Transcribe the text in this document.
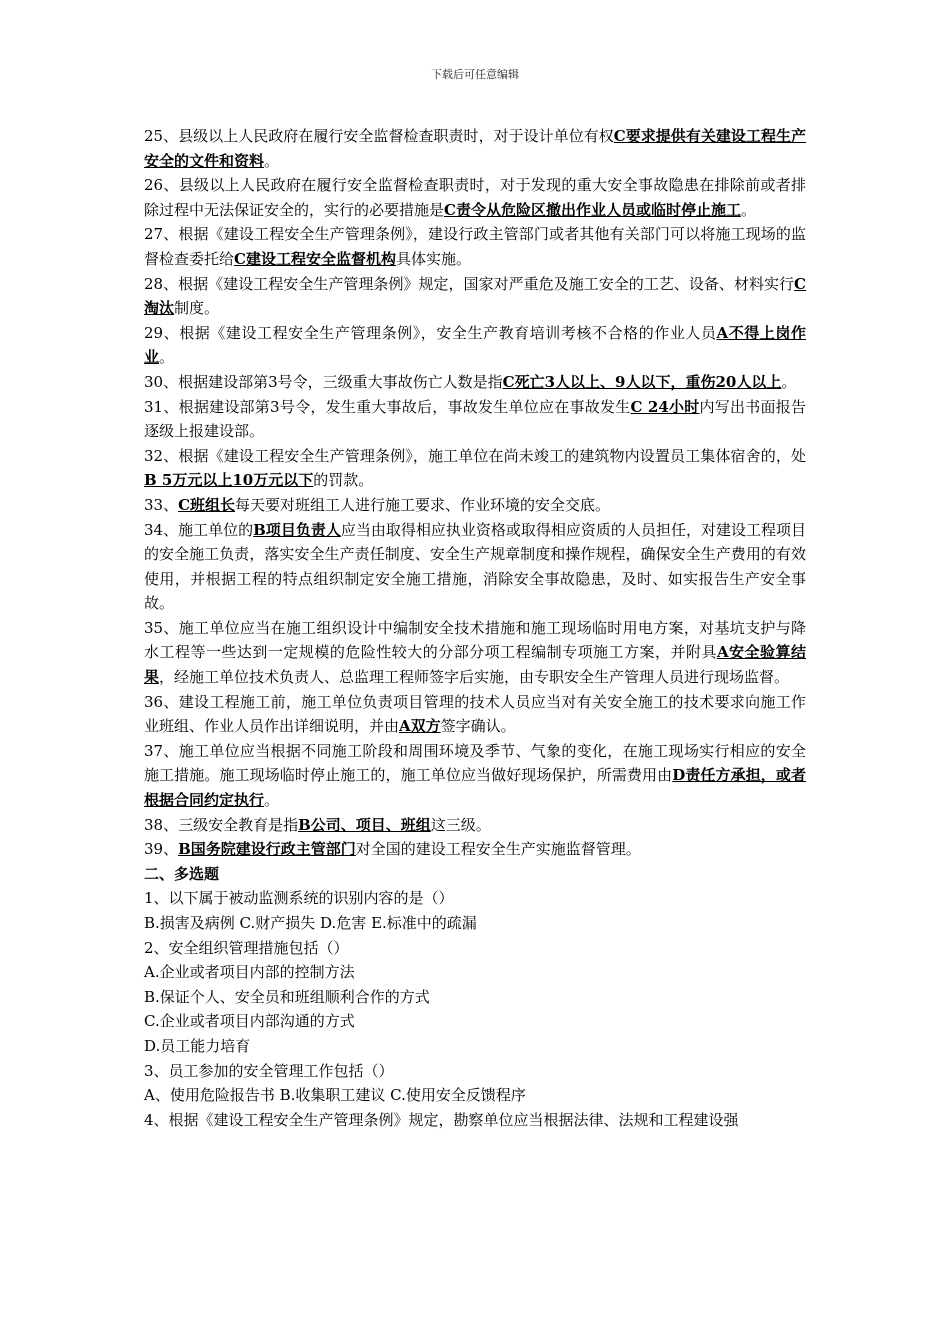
下载后可任意编辑
25、县级以上人民政府在履行安全监督检查职责时，对于设计单位有权C要求提供有关建设工程生产安全的文件和资料。
26、县级以上人民政府在履行安全监督检查职责时，对于发现的重大安全事故隐患在排除前或者排除过程中无法保证安全的，实行的必要措施是C责令从危险区撤出作业人员或临时停止施工。
27、根据《建设工程安全生产管理条例》，建设行政主管部门或者其他有关部门可以将施工现场的监督检查委托给C建设工程安全监督机构具体实施。
28、根据《建设工程安全生产管理条例》规定，国家对严重危及施工安全的工艺、设备、材料实行C淘汰制度。
29、根据《建设工程安全生产管理条例》，安全生产教育培训考核不合格的作业人员A不得上岗作业。
30、根据建设部第3号令，三级重大事故伤亡人数是指C死亡3人以上、9人以下，重伤20人以上。
31、根据建设部第3号令，发生重大事故后，事故发生单位应在事故发生C 24小时内写出书面报告逐级上报建设部。
32、根据《建设工程安全生产管理条例》，施工单位在尚未竣工的建筑物内设置员工集体宿舍的，处B 5万元以上10万元以下的罚款。
33、C班组长每天要对班组工人进行施工要求、作业环境的安全交底。
34、施工单位的B项目负责人应当由取得相应执业资格或取得相应资质的人员担任，对建设工程项目的安全施工负责，落实安全生产责任制度、安全生产规章制度和操作规程，确保安全生产费用的有效使用，并根据工程的特点组织制定安全施工措施，消除安全事故隐患，及时、如实报告生产安全事故。
35、施工单位应当在施工组织设计中编制安全技术措施和施工现场临时用电方案，对基坑支护与降水工程等一些达到一定规模的危险性较大的分部分项工程编制专项施工方案，并附具A安全验算结果，经施工单位技术负责人、总监理工程师签字后实施，由专职安全生产管理人员进行现场监督。
36、建设工程施工前，施工单位负责项目管理的技术人员应当对有关安全施工的技术要求向施工作业班组、作业人员作出详细说明，并由A双方签字确认。
37、施工单位应当根据不同施工阶段和周围环境及季节、气象的变化，在施工现场实行相应的安全施工措施。施工现场临时停止施工的，施工单位应当做好现场保护，所需费用由D责任方承担，或者根据合同约定执行。
38、三级安全教育是指B公司、项目、班组这三级。
39、B国务院建设行政主管部门对全国的建设工程安全生产实施监督管理。
二、多选题
1、以下属于被动监测系统的识别内容的是（）
B.损害及病例 C.财产损失 D.危害 E.标准中的疏漏
2、安全组织管理措施包括（）
A.企业或者项目内部的控制方法
B.保证个人、安全员和班组顺利合作的方式
C.企业或者项目内部沟通的方式
D.员工能力培育
3、员工参加的安全管理工作包括（）
A、使用危险报告书 B.收集职工建议 C.使用安全反馈程序
4、根据《建设工程安全生产管理条例》规定，勘察单位应当根据法律、法规和工程建设强
